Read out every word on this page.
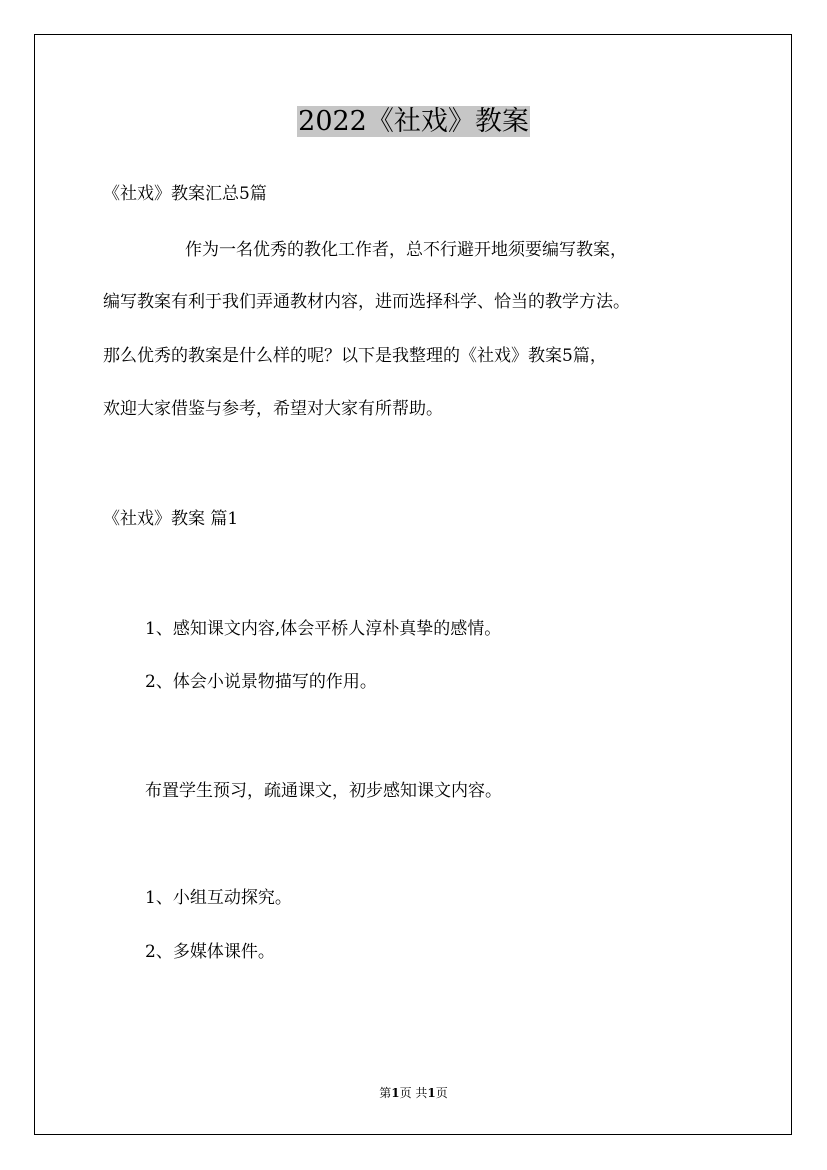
2022《社戏》教案
《社戏》教案汇总5篇
作为一名优秀的教化工作者，总不行避开地须要编写教案，
编写教案有利于我们弄通教材内容，进而选择科学、恰当的教学方法。
那么优秀的教案是什么样的呢？以下是我整理的《社戏》教案5篇，
欢迎大家借鉴与参考，希望对大家有所帮助。
《社戏》教案 篇1
1、感知课文内容,体会平桥人淳朴真挚的感情。
2、体会小说景物描写的作用。
布置学生预习，疏通课文，初步感知课文内容。
1、小组互动探究。
2、多媒体课件。
第1页 共1页
